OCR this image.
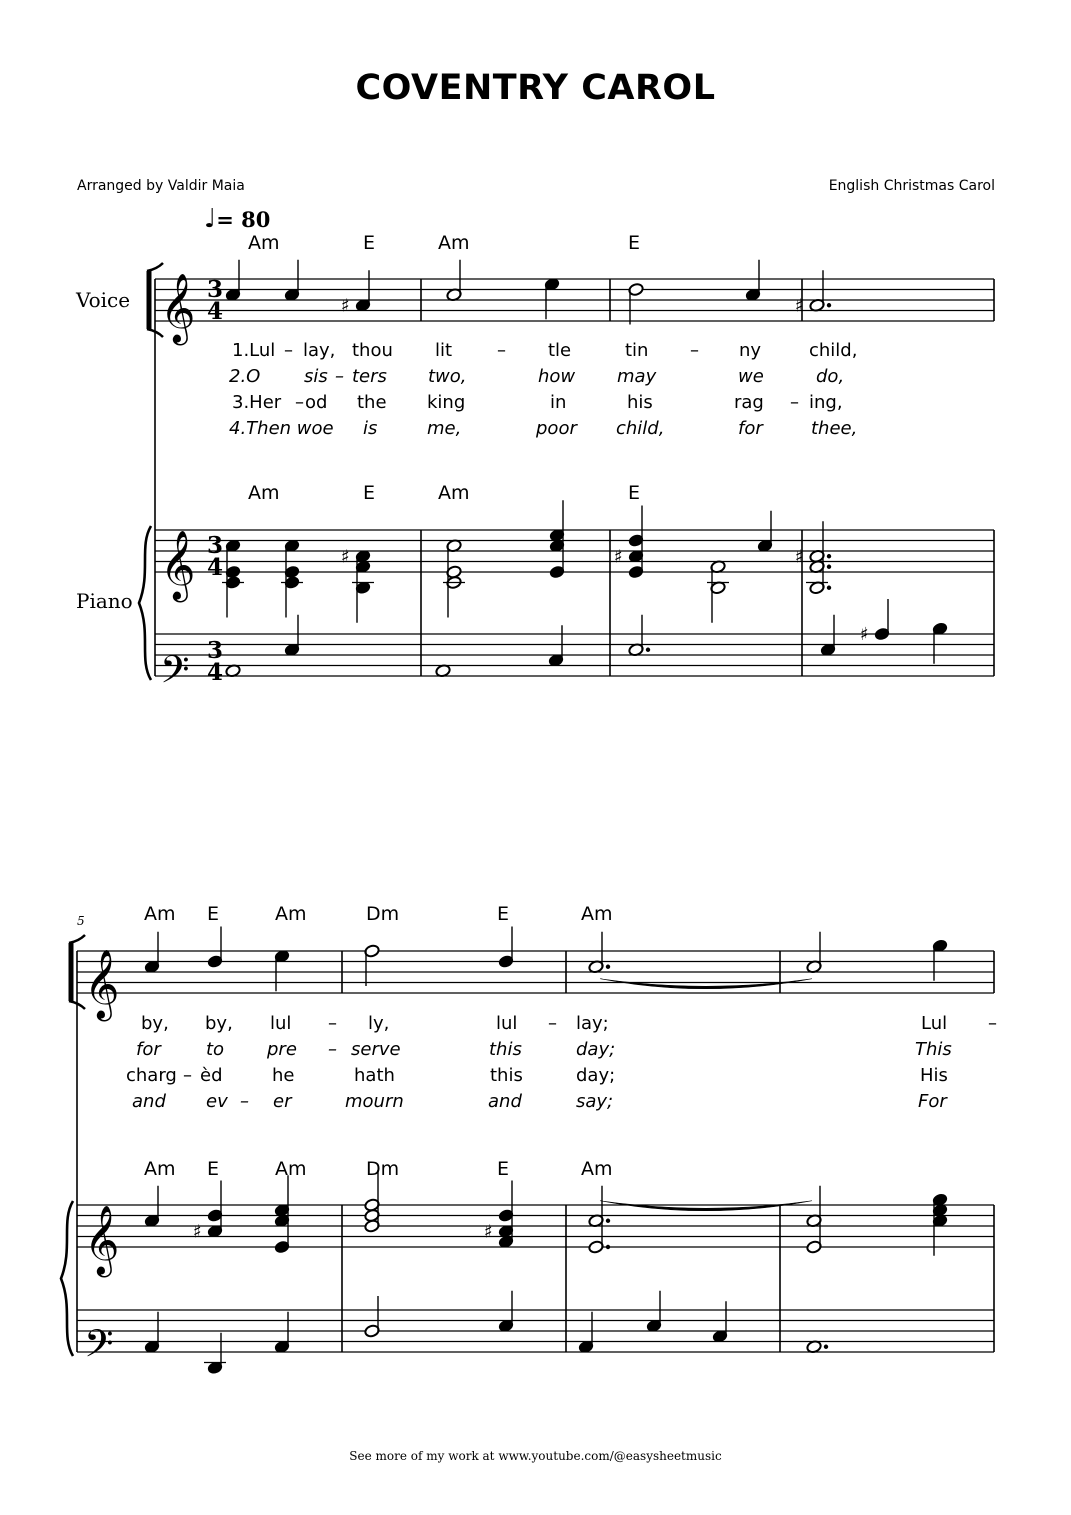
COVENTRY CAROL
Arranged by Valdir Maia	English Christmas Carol
♩= 80
Voice
Piano
See more of my work at www.youtube.com/@easysheetmusic
♯	♯
♯	♯	♯
♯
♯	♯
𝄞
𝄞
𝄢
𝄞
𝄞
𝄢
3
4
3
4
3
4
5
Am	E	Am	E
Am	E	Am	E
1.Lul – lay, thou lit – tle	tin – ny	child,
2.O sis – ters two,	how may	we	do,
3.Her – od the king	in	his	rag – ing,
4.Then woe is	me,	poor child,	for	thee,
Am E	Am	Dm	E	Am
Am E	Am	Dm	E	Am
by, by, lul – ly,	lul – lay;	Lul –
for	to pre – serve	this	day;	This
charg – èd	he	hath	this	day;	His
and ev – er	mourn	and	say;	For
